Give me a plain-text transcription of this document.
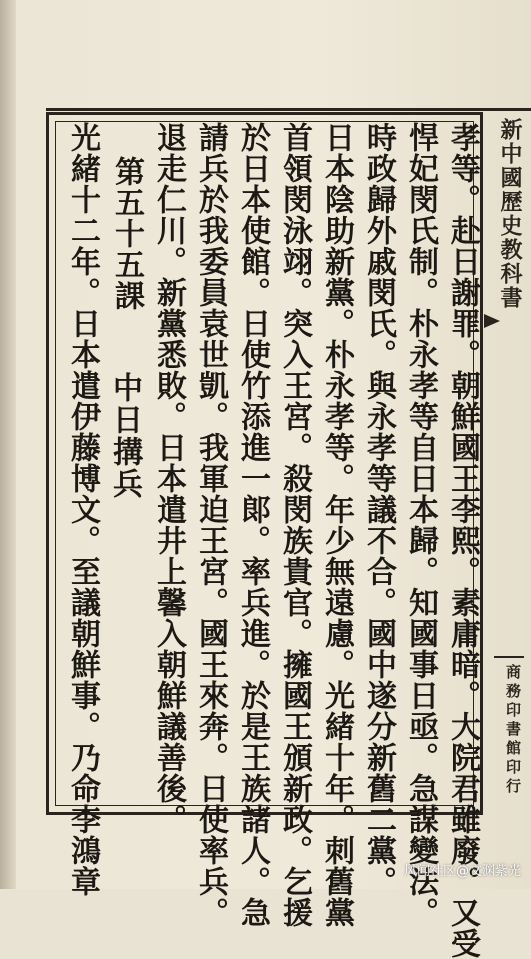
新中國歷史教科書
商務印書館印行
孝等。赴日謝罪。朝鮮國王李熙。素庸暗。大院君雖廢。又受
悍妃閔氏制。朴永孝等自日本歸。知國事日亟。急謀變法。
時政歸外戚閔氏。與永孝等議不合。國中遂分新舊二黨。
日本陰助新黨。朴永孝等。年少無遠慮。光緒十年。刺舊黨
首領閔泳翊。突入王宮。殺閔族貴官。擁國王頒新政。乞援
於日本使館。日使竹添進一郞。率兵進。於是王族諸人。急
請兵於我委員袁世凱。我軍迫王宮。國王來奔。日使率兵。
退走仁川。新黨悉敗。日本遣井上馨入朝鮮議善後。
第五十五課
中日搆兵
光緒十二年。日本遣伊藤博文。至議朝鮮事。乃命李鴻章	风闻社区@文渊紫光
